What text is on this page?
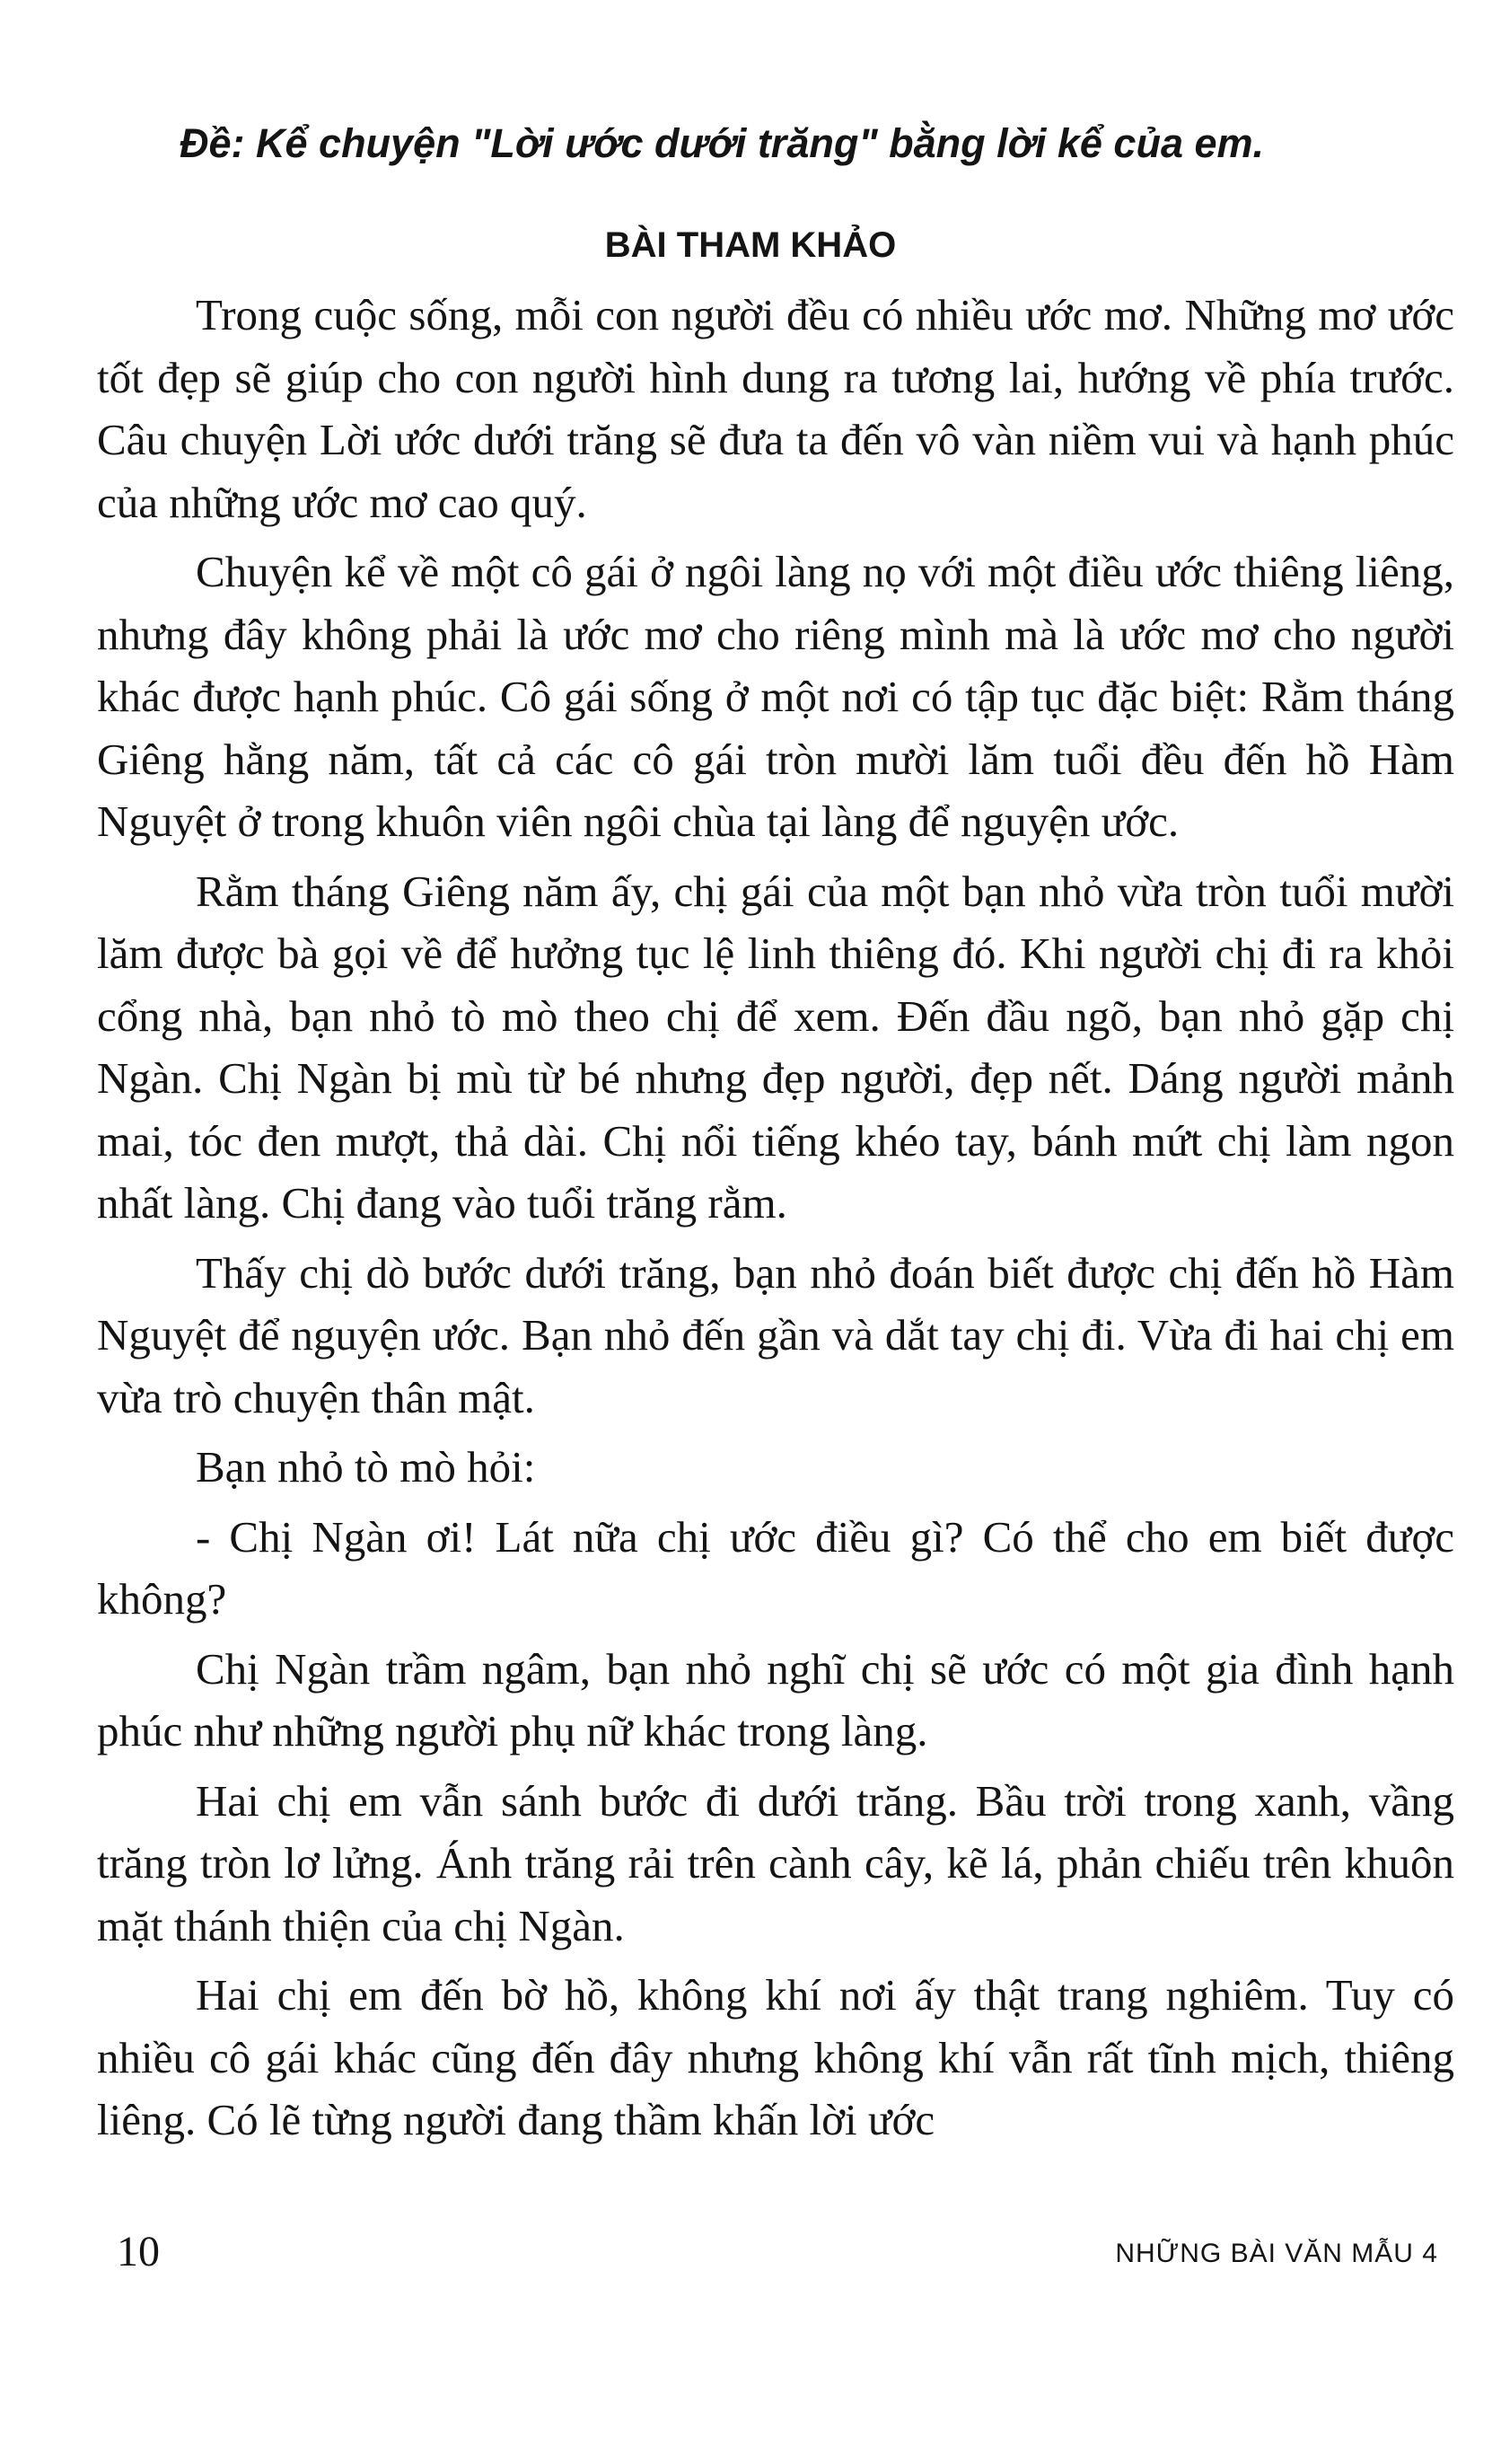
Đề: Kể chuyện "Lời ước dưới trăng" bằng lời kể của em.
BÀI THAM KHẢO

Trong cuộc sống, mỗi con người đều có nhiều ước mơ. Những mơ ước tốt đẹp sẽ giúp cho con người hình dung ra tương lai, hướng về phía trước. Câu chuyện Lời ước dưới trăng sẽ đưa ta đến vô vàn niềm vui và hạnh phúc của những ước mơ cao quý.

Chuyện kể về một cô gái ở ngôi làng nọ với một điều ước thiêng liêng, nhưng đây không phải là ước mơ cho riêng mình mà là ước mơ cho người khác được hạnh phúc. Cô gái sống ở một nơi có tập tục đặc biệt: Rằm tháng Giêng hằng năm, tất cả các cô gái tròn mười lăm tuổi đều đến hồ Hàm Nguyệt ở trong khuôn viên ngôi chùa tại làng để nguyện ước.

Rằm tháng Giêng năm ấy, chị gái của một bạn nhỏ vừa tròn tuổi mười lăm được bà gọi về để hưởng tục lệ linh thiêng đó. Khi người chị đi ra khỏi cổng nhà, bạn nhỏ tò mò theo chị để xem. Đến đầu ngõ, bạn nhỏ gặp chị Ngàn. Chị Ngàn bị mù từ bé nhưng đẹp người, đẹp nết. Dáng người mảnh mai, tóc đen mượt, thả dài. Chị nổi tiếng khéo tay, bánh mứt chị làm ngon nhất làng. Chị đang vào tuổi trăng rằm.

Thấy chị dò bước dưới trăng, bạn nhỏ đoán biết được chị đến hồ Hàm Nguyệt để nguyện ước. Bạn nhỏ đến gần và dắt tay chị đi. Vừa đi hai chị em vừa trò chuyện thân mật.

Bạn nhỏ tò mò hỏi:

- Chị Ngàn ơi! Lát nữa chị ước điều gì? Có thể cho em biết được không?

Chị Ngàn trầm ngâm, bạn nhỏ nghĩ chị sẽ ước có một gia đình hạnh phúc như những người phụ nữ khác trong làng.

Hai chị em vẫn sánh bước đi dưới trăng. Bầu trời trong xanh, vầng trăng tròn lơ lửng. Ánh trăng rải trên cành cây, kẽ lá, phản chiếu trên khuôn mặt thánh thiện của chị Ngàn.

Hai chị em đến bờ hồ, không khí nơi ấy thật trang nghiêm. Tuy có nhiều cô gái khác cũng đến đây nhưng không khí vẫn rất tĩnh mịch, thiêng liêng. Có lẽ từng người đang thầm khấn lời ước

10	NHỮNG BÀI VĂN MẪU 4
